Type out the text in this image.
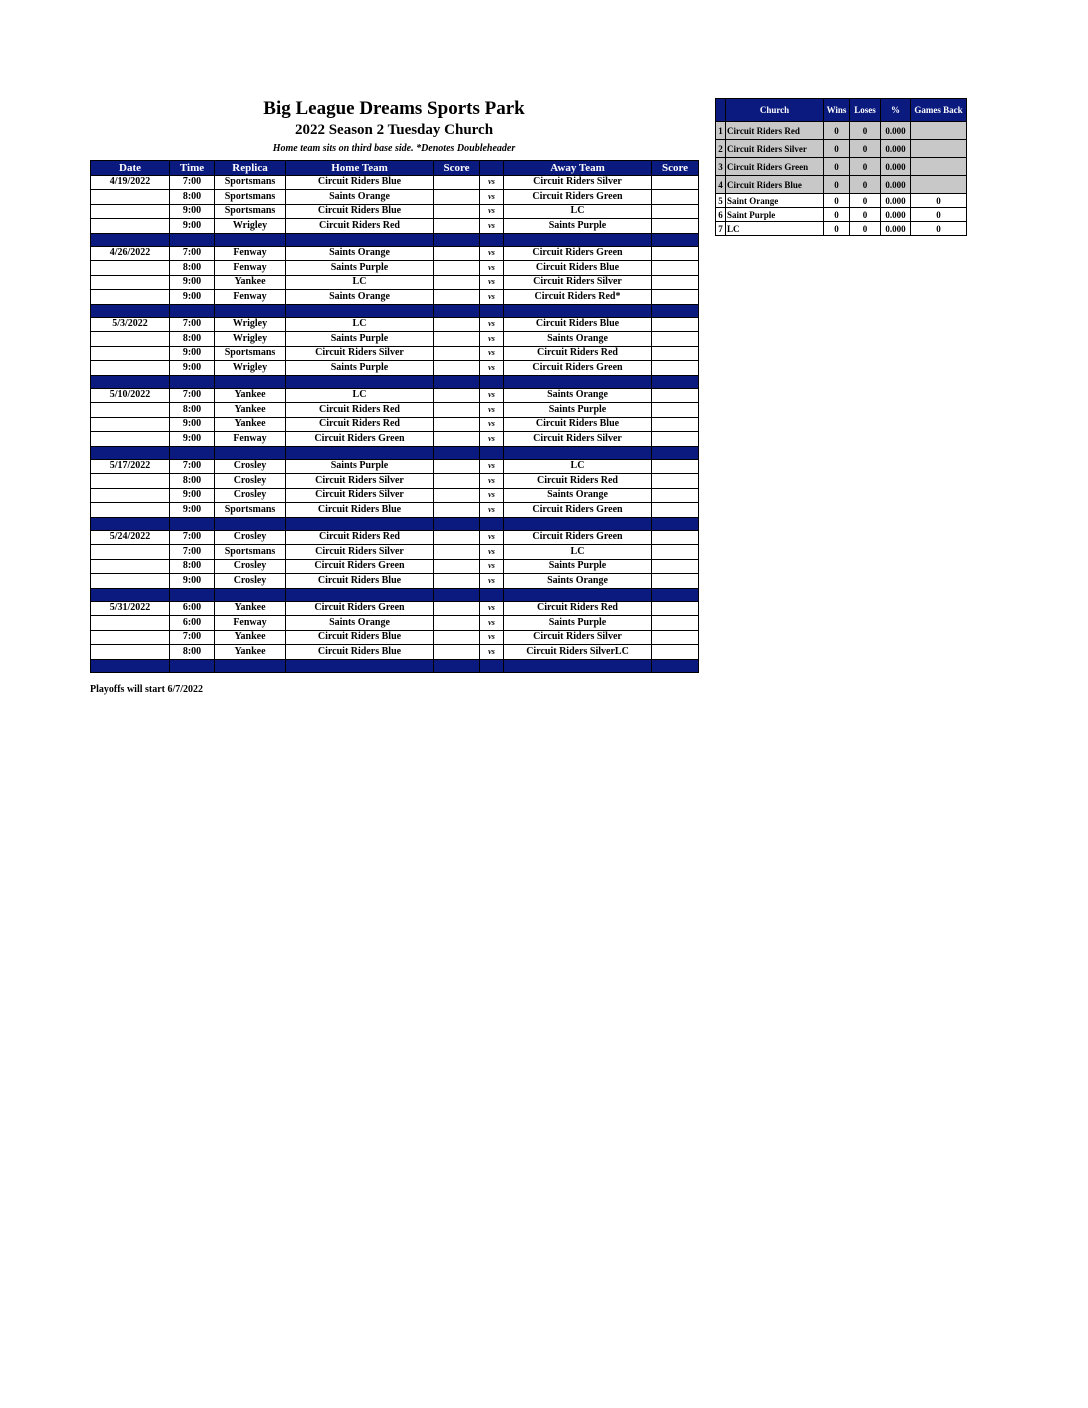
Big League Dreams Sports Park
2022 Season 2 Tuesday Church
Home team sits on third base side. *Denotes Doubleheader
Date	Time	Replica	Home Team	Score		Away Team	Score
4/19/2022	7:00	Sportsmans	Circuit Riders Blue		vs	Circuit Riders Silver	
	8:00	Sportsmans	Saints Orange		vs	Circuit Riders Green	
	9:00	Sportsmans	Circuit Riders Blue		vs	LC	
	9:00	Wrigley	Circuit Riders Red		vs	Saints Purple	

4/26/2022	7:00	Fenway	Saints Orange		vs	Circuit Riders Green	
	8:00	Fenway	Saints Purple		vs	Circuit Riders Blue	
	9:00	Yankee	LC		vs	Circuit Riders Silver	
	9:00	Fenway	Saints Orange		vs	Circuit Riders Red*	

5/3/2022	7:00	Wrigley	LC		vs	Circuit Riders Blue	
	8:00	Wrigley	Saints Purple		vs	Saints Orange	
	9:00	Sportsmans	Circuit Riders Silver		vs	Circuit Riders Red	
	9:00	Wrigley	Saints Purple		vs	Circuit Riders Green	

5/10/2022	7:00	Yankee	LC		vs	Saints Orange	
	8:00	Yankee	Circuit Riders Red		vs	Saints Purple	
	9:00	Yankee	Circuit Riders Red		vs	Circuit Riders Blue	
	9:00	Fenway	Circuit Riders Green		vs	Circuit Riders Silver	

5/17/2022	7:00	Crosley	Saints Purple		vs	LC	
	8:00	Crosley	Circuit Riders Silver		vs	Circuit Riders Red	
	9:00	Crosley	Circuit Riders Silver		vs	Saints Orange	
	9:00	Sportsmans	Circuit Riders Blue		vs	Circuit Riders Green	

5/24/2022	7:00	Crosley	Circuit Riders Red		vs	Circuit Riders Green	
	7:00	Sportsmans	Circuit Riders Silver		vs	LC	
	8:00	Crosley	Circuit Riders Green		vs	Saints Purple	
	9:00	Crosley	Circuit Riders Blue		vs	Saints Orange	

5/31/2022	6:00	Yankee	Circuit Riders Green		vs	Circuit Riders Red	
	6:00	Fenway	Saints Orange		vs	Saints Purple	
	7:00	Yankee	Circuit Riders Blue		vs	Circuit Riders Silver	
	8:00	Yankee	Circuit Riders Blue		vs	Circuit Riders SilverLC	

Playoffs will start 6/7/2022
	Church	Wins	Loses	%	Games Back
1	Circuit Riders Red	0	0	0.000	
2	Circuit Riders Silver	0	0	0.000	
3	Circuit Riders Green	0	0	0.000	
4	Circuit Riders Blue	0	0	0.000	
5	Saint Orange	0	0	0.000	0
6	Saint Purple	0	0	0.000	0
7	LC	0	0	0.000	0
